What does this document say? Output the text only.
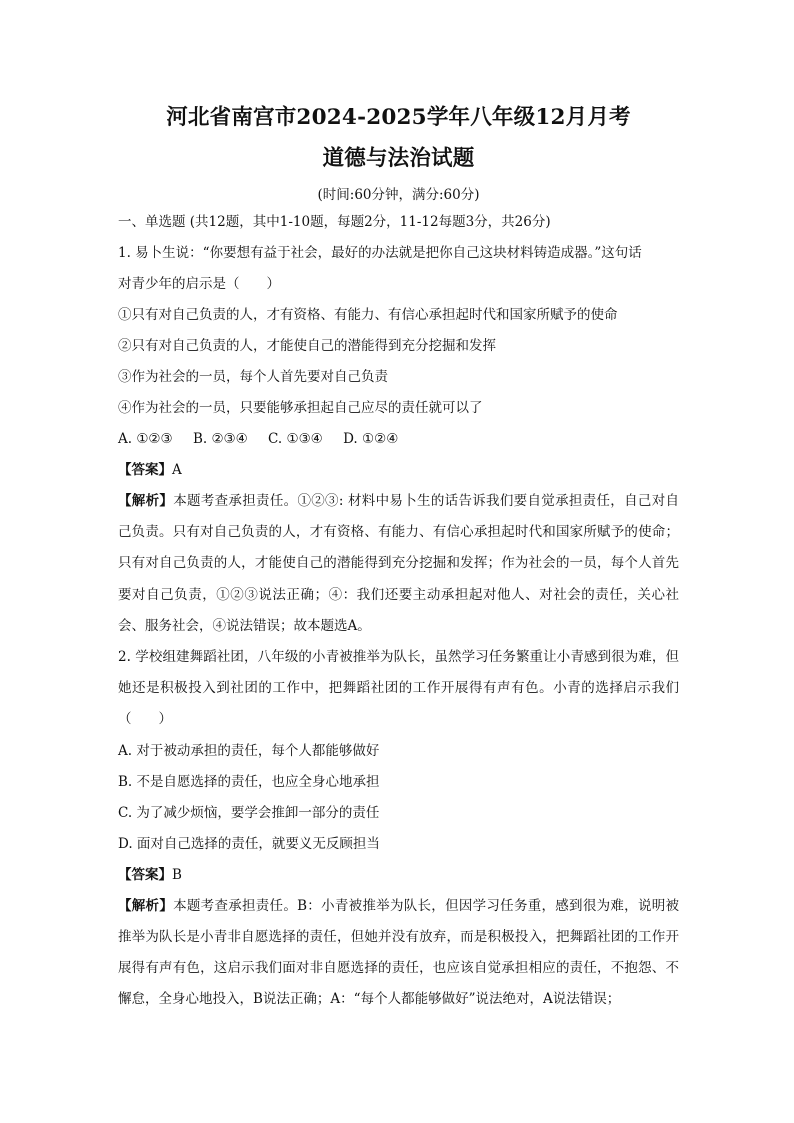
河北省南宫市2024-2025学年八年级12月月考
道德与法治试题
(时间:60分钟，满分:60分)
一、单选题 (共12题，其中1-10题，每题2分，11-12每题3分，共26分)
1. 易卜生说：“你要想有益于社会，最好的办法就是把你自己这块材料铸造成器。”这句话
对青少年的启示是（　　）
①只有对自己负责的人，才有资格、有能力、有信心承担起时代和国家所赋予的使命
②只有对自己负责的人，才能使自己的潜能得到充分挖掘和发挥
③作为社会的一员，每个人首先要对自己负责
④作为社会的一员，只要能够承担起自己应尽的责任就可以了
A. ①②③ B. ②③④ C. ①③④ D. ①②④
【答案】A

【解析】本题考查承担责任。①②③: 材料中易卜生的话告诉我们要自觉承担责任，自己对自己负责。只有对自己负责的人，才有资格、有能力、有信心承担起时代和国家所赋予的使命；只有对自己负责的人，才能使自己的潜能得到充分挖掘和发挥；作为社会的一员，每个人首先要对自己负责，①②③说法正确；④：我们还要主动承担起对他人、对社会的责任，关心社会、服务社会，④说法错误；故本题选A。

2. 学校组建舞蹈社团，八年级的小青被推举为队长，虽然学习任务繁重让小青感到很为难，但她还是积极投入到社团的工作中，把舞蹈社团的工作开展得有声有色。小青的选择启示我们（　　）

A. 对于被动承担的责任，每个人都能够做好
B. 不是自愿选择的责任，也应全身心地承担
C. 为了减少烦恼，要学会推卸一部分的责任
D. 面对自己选择的责任，就要义无反顾担当
【答案】B

【解析】本题考查承担责任。B：小青被推举为队长，但因学习任务重，感到很为难，说明被推举为队长是小青非自愿选择的责任，但她并没有放弃，而是积极投入，把舞蹈社团的工作开展得有声有色，这启示我们面对非自愿选择的责任，也应该自觉承担相应的责任，不抱怨、不懈怠，全身心地投入，B说法正确；A：“每个人都能够做好”说法绝对，A说法错误；
